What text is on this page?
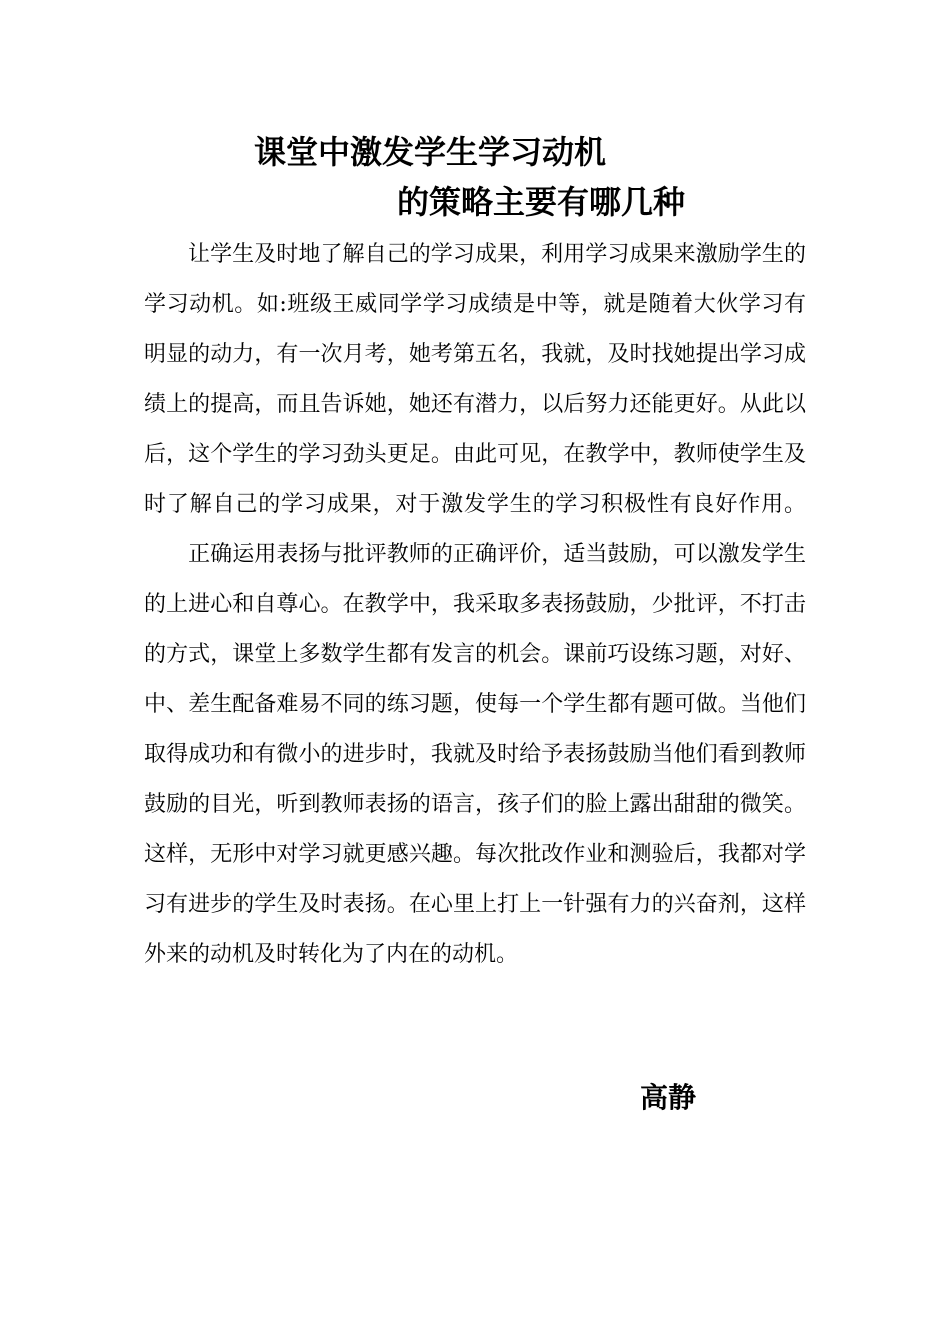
课堂中激发学生学习动机
的策略主要有哪几种

让学生及时地了解自己的学习成果，利用学习成果来激励学生的学习动机。如:班级王威同学学习成绩是中等，就是随着大伙学习有明显的动力，有一次月考，她考第五名，我就，及时找她提出学习成绩上的提高，而且告诉她，她还有潜力，以后努力还能更好。从此以后，这个学生的学习劲头更足。由此可见，在教学中，教师使学生及时了解自己的学习成果，对于激发学生的学习积极性有良好作用。正确运用表扬与批评教师的正确评价，适当鼓励，可以激发学生的上进心和自尊心。在教学中，我采取多表扬鼓励，少批评，不打击的方式，课堂上多数学生都有发言的机会。课前巧设练习题，对好、中、差生配备难易不同的练习题，使每一个学生都有题可做。当他们取得成功和有微小的进步时，我就及时给予表扬鼓励当他们看到教师鼓励的目光，听到教师表扬的语言，孩子们的脸上露出甜甜的微笑。这样，无形中对学习就更感兴趣。每次批改作业和测验后，我都对学习有进步的学生及时表扬。在心里上打上一针强有力的兴奋剂，这样外来的动机及时转化为了内在的动机。

高静
